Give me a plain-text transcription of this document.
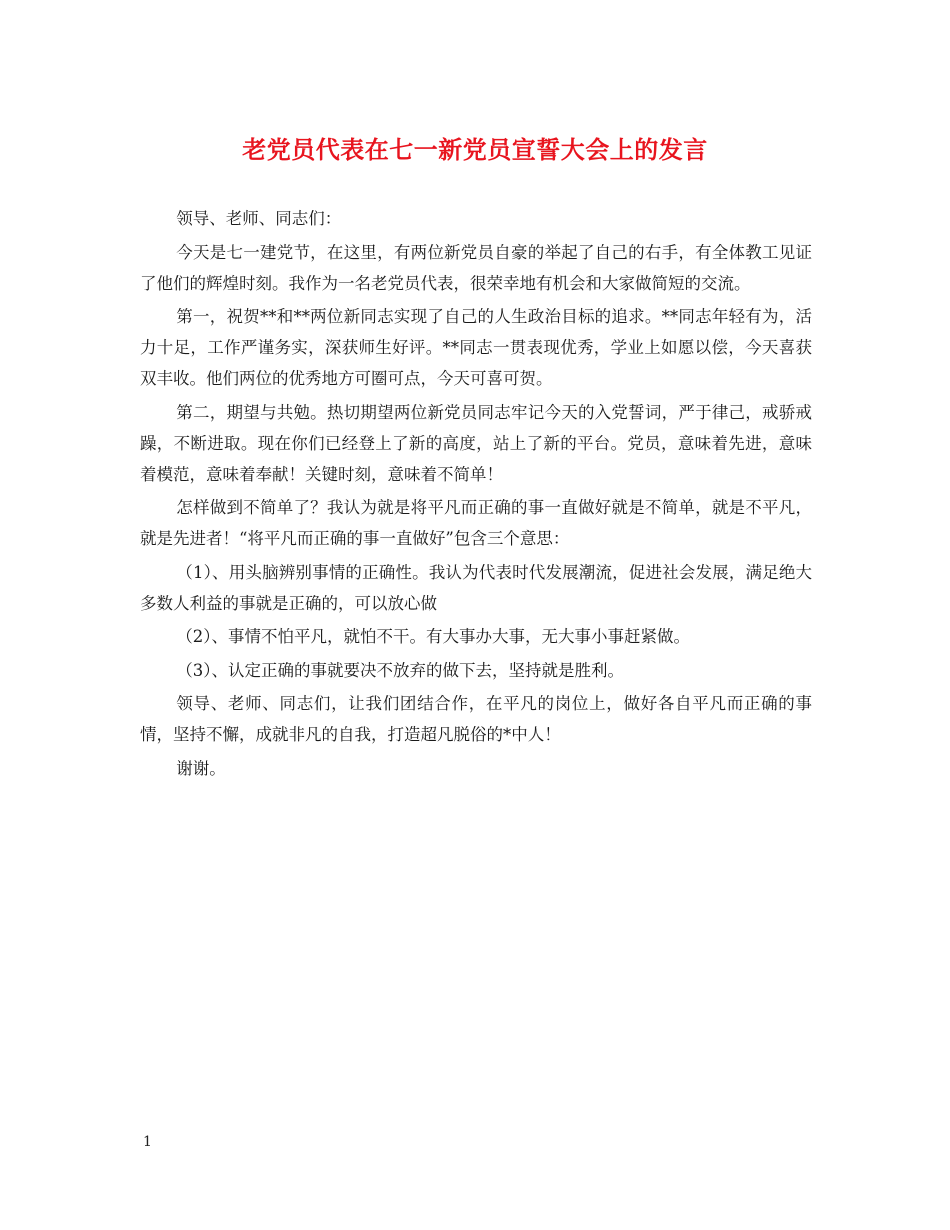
老党员代表在七一新党员宣誓大会上的发言

领导、老师、同志们：

今天是七一建党节，在这里，有两位新党员自豪的举起了自己的右手，有全体教工见证了他们的辉煌时刻。我作为一名老党员代表，很荣幸地有机会和大家做简短的交流。

第一，祝贺**和**两位新同志实现了自己的人生政治目标的追求。**同志年轻有为，活力十足，工作严谨务实，深获师生好评。**同志一贯表现优秀，学业上如愿以偿，今天喜获双丰收。他们两位的优秀地方可圈可点，今天可喜可贺。

第二，期望与共勉。热切期望两位新党员同志牢记今天的入党誓词，严于律己，戒骄戒躁，不断进取。现在你们已经登上了新的高度，站上了新的平台。党员，意味着先进，意味着模范，意味着奉献！关键时刻，意味着不简单！

怎样做到不简单了？我认为就是将平凡而正确的事一直做好就是不简单，就是不平凡，就是先进者！“将平凡而正确的事一直做好”包含三个意思：

（1）、用头脑辨别事情的正确性。我认为代表时代发展潮流，促进社会发展，满足绝大多数人利益的事就是正确的，可以放心做

（2）、事情不怕平凡，就怕不干。有大事办大事，无大事小事赶紧做。

（3）、认定正确的事就要决不放弃的做下去，坚持就是胜利。

领导、老师、同志们，让我们团结合作，在平凡的岗位上，做好各自平凡而正确的事情，坚持不懈，成就非凡的自我，打造超凡脱俗的*中人！

谢谢。

1
